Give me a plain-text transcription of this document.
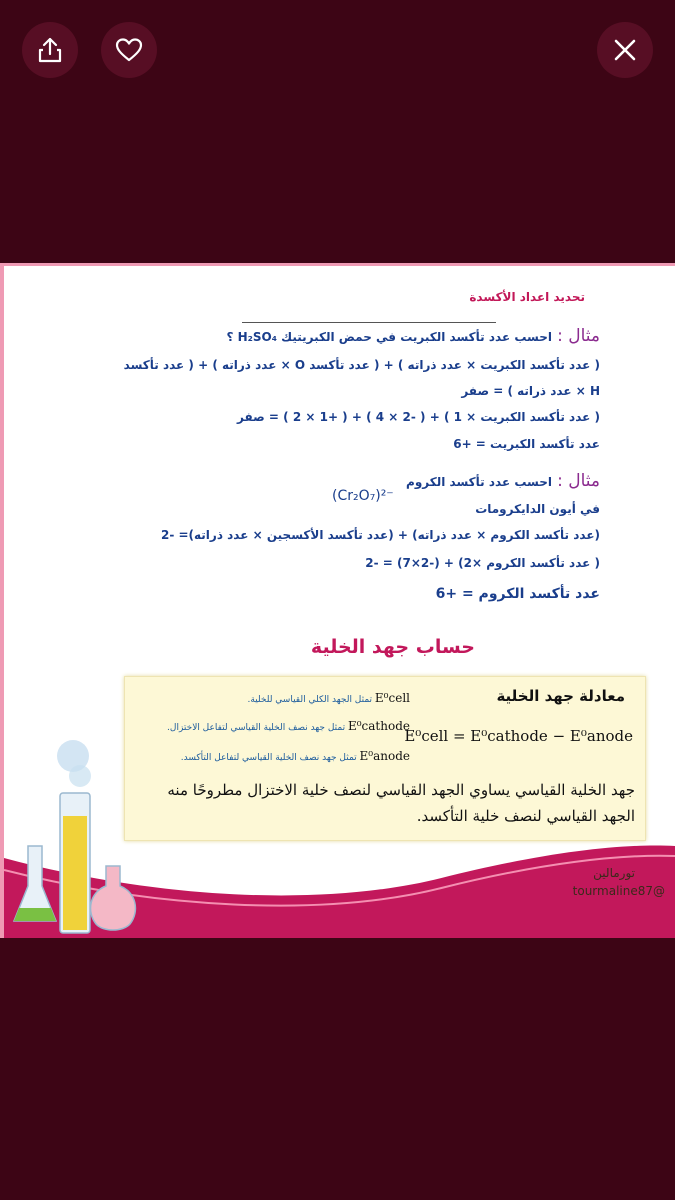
تحديد اعداد الأكسدة
مثال : احسب عدد تأكسد الكبريت في حمض الكبريتيك H₂SO₄ ؟
( عدد تأكسد الكبريت × عدد ذراته ) + ( عدد تأكسد O × عدد ذراته ) + ( عدد تأكسد
H × عدد ذراته ) = صفر
( عدد تأكسد الكبريت × 1 ) + ( -2 × 4 ) + ( +1 × 2 ) = صفر
عدد تأكسد الكبريت = +6
مثال : احسب عدد تأكسد الكروم
(Cr₂O₇)²⁻
في أيون الدايكرومات
(عدد تأكسد الكروم × عدد ذراته) + (عدد تأكسد الأكسجين × عدد ذراته)= -2
( عدد تأكسد الكروم ×2) + (-2×7) = -2
عدد تأكسد الكروم = +6
حساب جهد الخلية
معادلة جهد الخلية
E⁰cell تمثل الجهد الكلي القياسي للخلية.
E⁰cathode تمثل جهد نصف الخلية القياسي لتفاعل الاختزال.
E⁰anode تمثل جهد نصف الخلية القياسي لتفاعل التأكسد.
E⁰cell = E⁰cathode − E⁰anode
جهد الخلية القياسي يساوي الجهد القياسي لنصف خلية الاختزال مطروحًا منه الجهد القياسي لنصف خلية التأكسد.
تورمالين
@tourmaline87
